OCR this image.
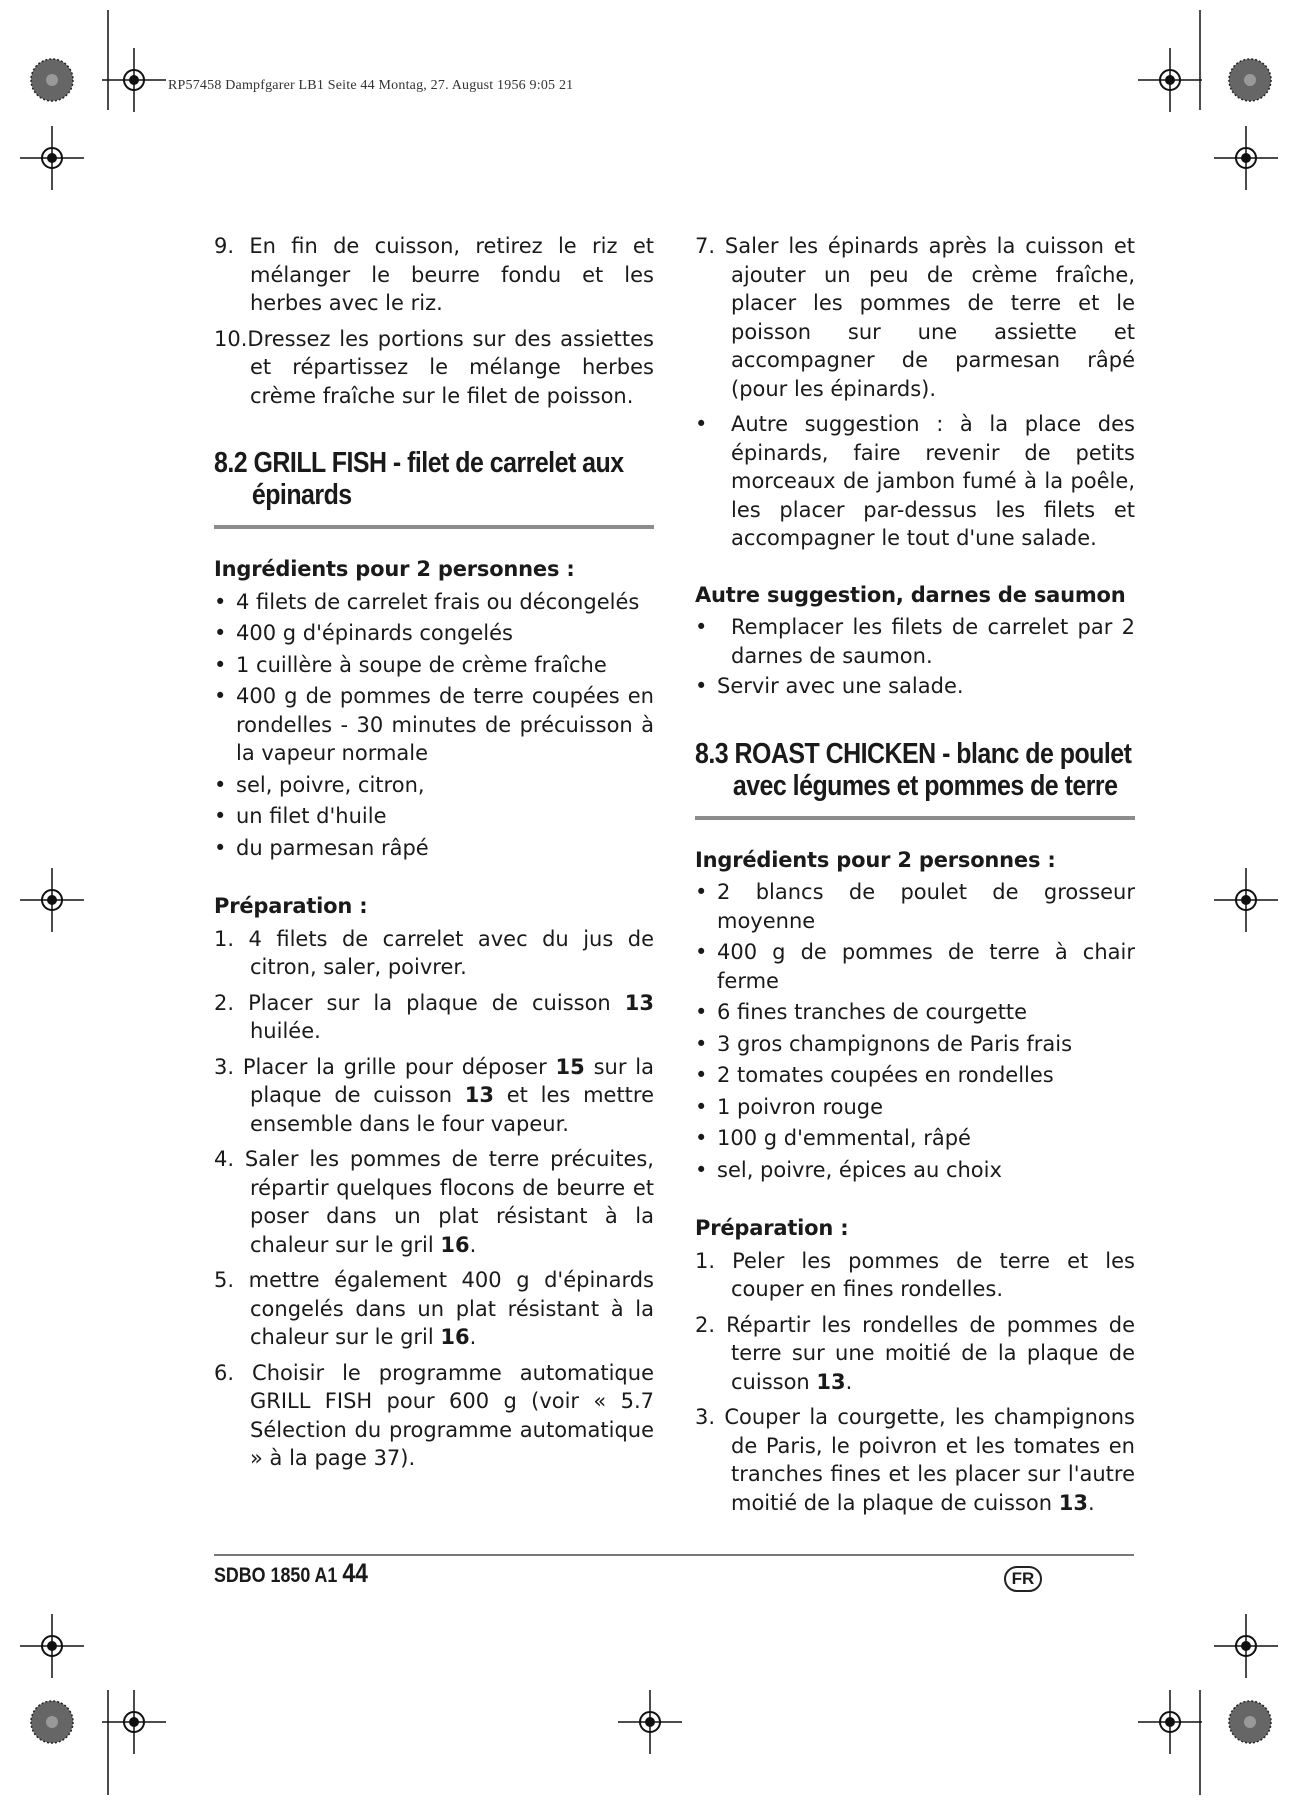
RP57458 Dampfgarer LB1 Seite 44 Montag, 27. August 1956 9:05 21
9. En fin de cuisson, retirez le riz et mélanger le beurre fondu et les herbes avec le riz.
10.Dressez les portions sur des assiettes et répartissez le mélange herbes crème fraîche sur le filet de poisson.
8.2 GRILL FISH - filet de carrelet aux
épinards
Ingrédients pour 2 personnes :
• 4 filets de carrelet frais ou décongelés
• 400 g d'épinards congelés
• 1 cuillère à soupe de crème fraîche
• 400 g de pommes de terre coupées en rondelles - 30 minutes de précuisson à la vapeur normale
• sel, poivre, citron,
• un filet d'huile
• du parmesan râpé
Préparation :
1. 4 filets de carrelet avec du jus de citron, saler, poivrer.
2. Placer sur la plaque de cuisson 13 huilée.
3. Placer la grille pour déposer 15 sur la plaque de cuisson 13 et les mettre ensemble dans le four vapeur.
4. Saler les pommes de terre précuites, répartir quelques flocons de beurre et poser dans un plat résistant à la chaleur sur le gril 16.
5. mettre également 400 g d'épinards congelés dans un plat résistant à la chaleur sur le gril 16.
6. Choisir le programme automatique GRILL FISH pour 600 g (voir « 5.7 Sélection du programme automatique » à la page 37).
7. Saler les épinards après la cuisson et ajouter un peu de crème fraîche, placer les pommes de terre et le poisson sur une assiette et accompagner de parmesan râpé (pour les épinards).
• Autre suggestion : à la place des épinards, faire revenir de petits morceaux de jambon fumé à la poêle, les placer par-dessus les filets et accompagner le tout d'une salade.
Autre suggestion, darnes de saumon
• Remplacer les filets de carrelet par 2 darnes de saumon.
• Servir avec une salade.
8.3 ROAST CHICKEN - blanc de poulet
avec légumes et pommes de terre
Ingrédients pour 2 personnes :
• 2 blancs de poulet de grosseur moyenne
• 400 g de pommes de terre à chair ferme
• 6 fines tranches de courgette
• 3 gros champignons de Paris frais
• 2 tomates coupées en rondelles
• 1 poivron rouge
• 100 g d'emmental, râpé
• sel, poivre, épices au choix
Préparation :
1. Peler les pommes de terre et les couper en fines rondelles.
2. Répartir les rondelles de pommes de terre sur une moitié de la plaque de cuisson 13.
3. Couper la courgette, les champignons de Paris, le poivron et les tomates en tranches fines et les placer sur l'autre moitié de la plaque de cuisson 13.
SDBO 1850 A1 44	FR
